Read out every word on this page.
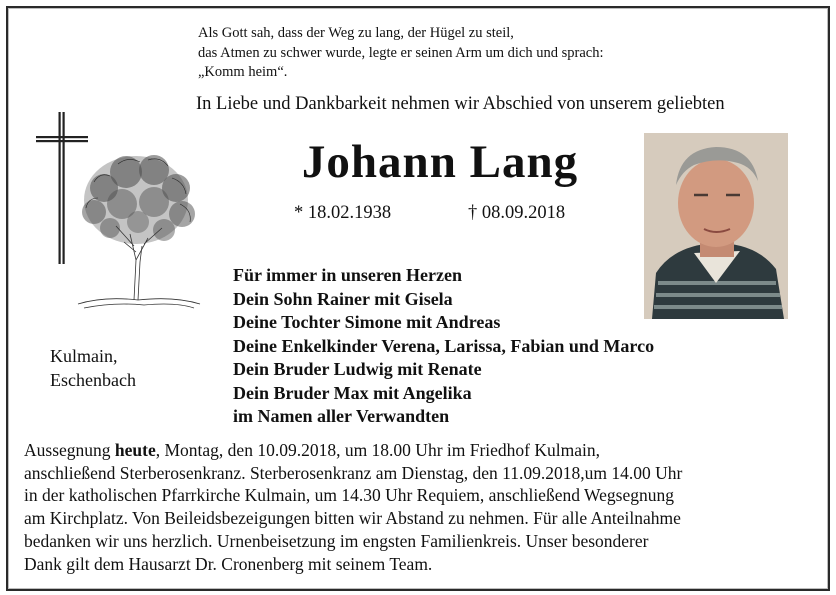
Als Gott sah, dass der Weg zu lang, der Hügel zu steil,
das Atmen zu schwer wurde, legte er seinen Arm um dich und sprach:
„Komm heim“.
In Liebe und Dankbarkeit nehmen wir Abschied von unserem geliebten
Johann Lang
* 18.02.1938	† 08.09.2018
Für immer in unseren Herzen
Dein Sohn Rainer mit Gisela
Deine Tochter Simone mit Andreas
Deine Enkelkinder Verena, Larissa, Fabian und Marco
Dein Bruder Ludwig mit Renate
Dein Bruder Max mit Angelika
im Namen aller Verwandten
Kulmain,
Eschenbach
Aussegnung heute, Montag, den 10.09.2018, um 18.00 Uhr im Friedhof Kulmain,
anschließend Sterberosenkranz. Sterberosenkranz am Dienstag, den 11.09.2018,um 14.00 Uhr
in der katholischen Pfarrkirche Kulmain, um 14.30 Uhr Requiem, anschließend Wegsegnung
am Kirchplatz. Von Beileidsbezeigungen bitten wir Abstand zu nehmen. Für alle Anteilnahme
bedanken wir uns herzlich. Urnenbeisetzung im engsten Familienkreis. Unser besonderer
Dank gilt dem Hausarzt Dr. Cronenberg mit seinem Team.
